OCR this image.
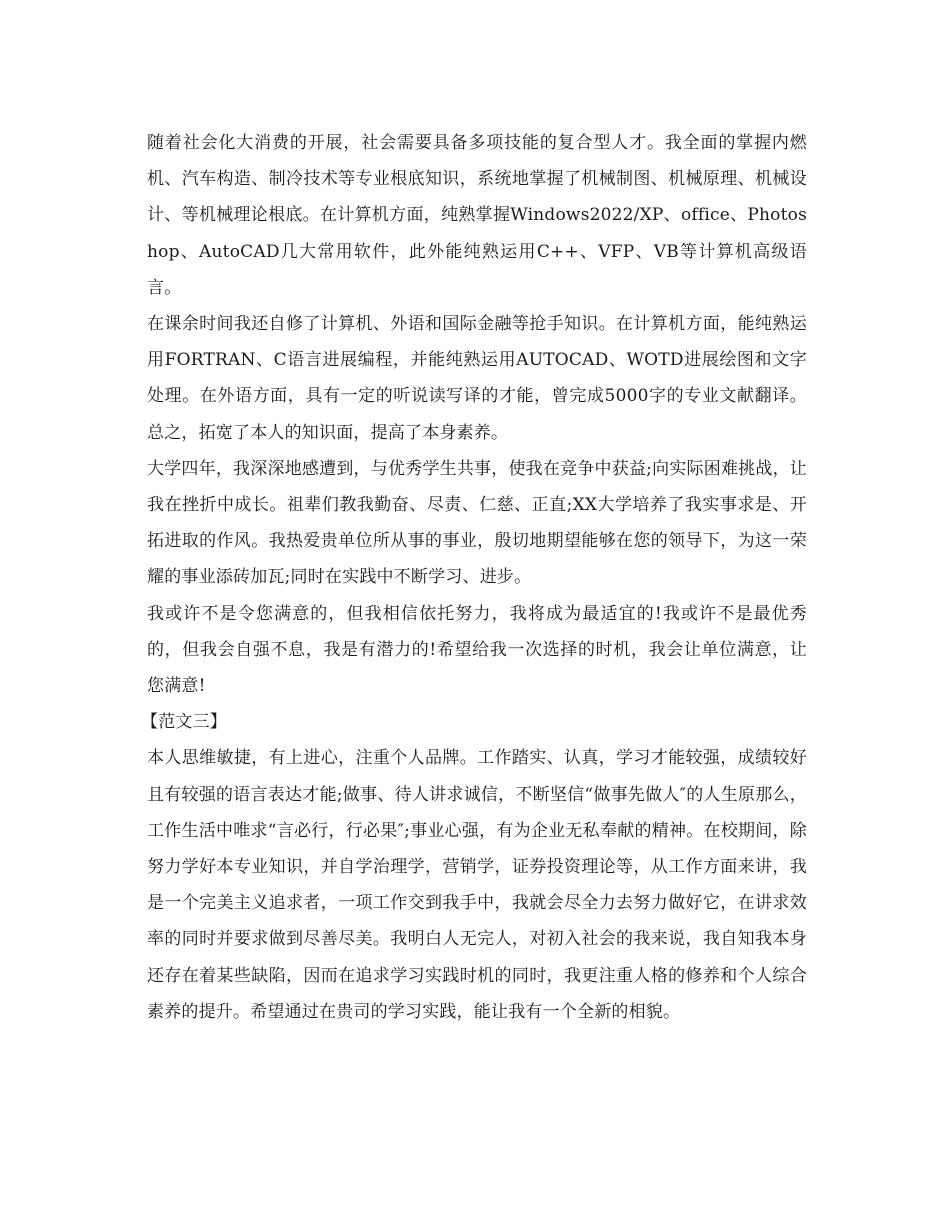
随着社会化大消费的开展，社会需要具备多项技能的复合型人才。我全面的掌握内燃机、汽车构造、制冷技术等专业根底知识，系统地掌握了机械制图、机械原理、机械设计、等机械理论根底。在计算机方面，纯熟掌握Windows2022/XP、office、Photoshop、AutoCAD几大常用软件，此外能纯熟运用C++、VFP、VB等计算机高级语言。

在课余时间我还自修了计算机、外语和国际金融等抢手知识。在计算机方面，能纯熟运用FORTRAN、C语言进展编程，并能纯熟运用AUTOCAD、WOTD进展绘图和文字处理。在外语方面，具有一定的听说读写译的才能，曾完成5000字的专业文献翻译。总之，拓宽了本人的知识面，提高了本身素养。

大学四年，我深深地感遭到，与优秀学生共事，使我在竞争中获益;向实际困难挑战，让我在挫折中成长。祖辈们教我勤奋、尽责、仁慈、正直;XX大学培养了我实事求是、开拓进取的作风。我热爱贵单位所从事的事业，殷切地期望能够在您的领导下，为这一荣耀的事业添砖加瓦;同时在实践中不断学习、进步。

我或许不是令您满意的，但我相信依托努力，我将成为最适宜的!我或许不是最优秀的，但我会自强不息，我是有潜力的!希望给我一次选择的时机，我会让单位满意，让您满意!

【范文三】

本人思维敏捷，有上进心，注重个人品牌。工作踏实、认真，学习才能较强，成绩较好且有较强的语言表达才能;做事、待人讲求诚信，不断坚信“做事先做人″的人生原那么，工作生活中唯求“言必行，行必果″;事业心强，有为企业无私奉献的精神。在校期间，除努力学好本专业知识，并自学治理学，营销学，证券投资理论等，从工作方面来讲，我是一个完美主义追求者，一项工作交到我手中，我就会尽全力去努力做好它，在讲求效率的同时并要求做到尽善尽美。我明白人无完人，对初入社会的我来说，我自知我本身还存在着某些缺陷，因而在追求学习实践时机的同时，我更注重人格的修养和个人综合素养的提升。希望通过在贵司的学习实践，能让我有一个全新的相貌。
